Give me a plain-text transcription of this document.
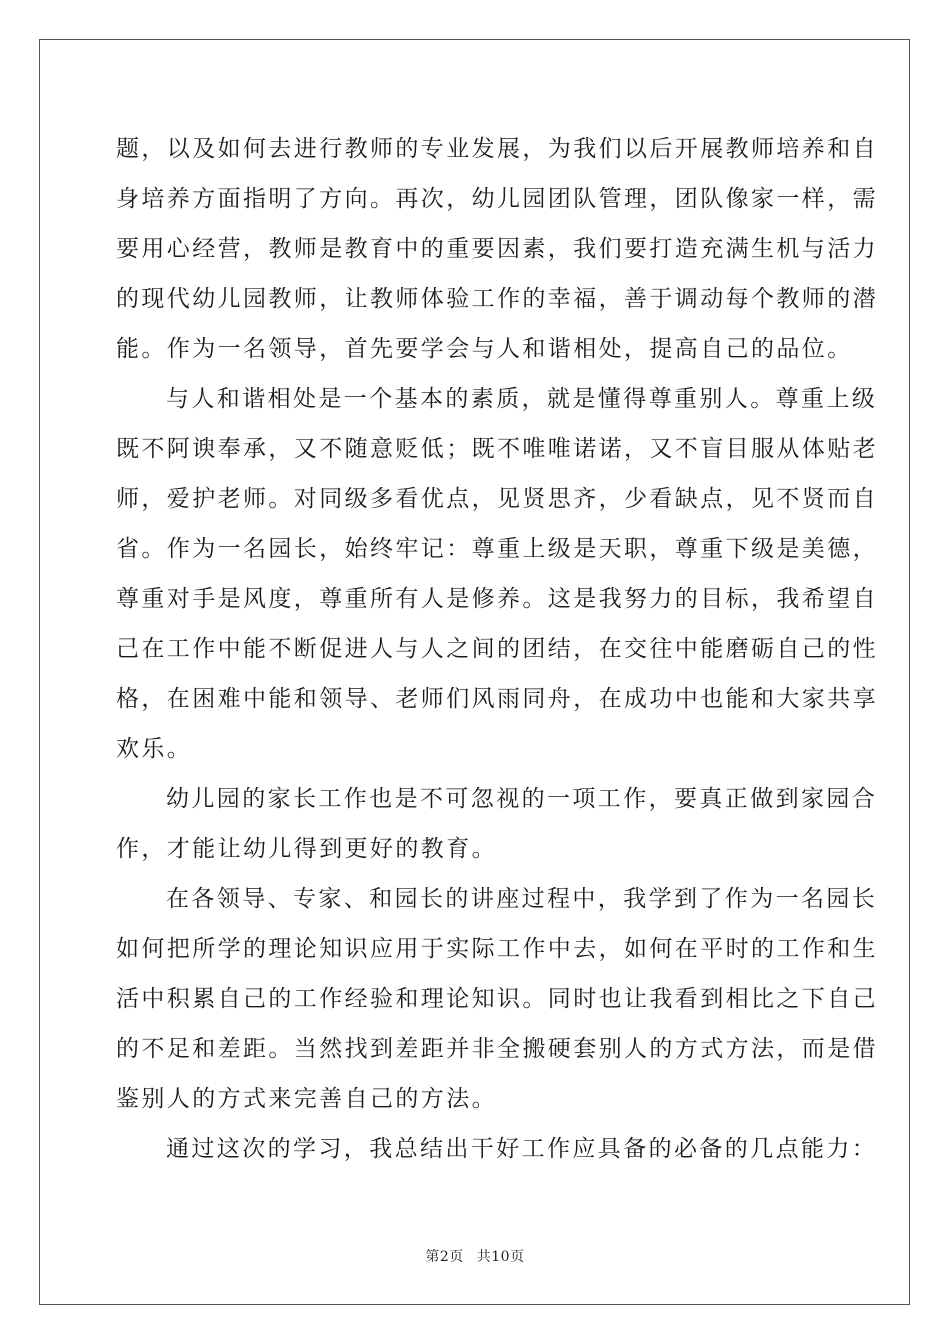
题，以及如何去进行教师的专业发展，为我们以后开展教师培养和自
身培养方面指明了方向。再次，幼儿园团队管理，团队像家一样，需
要用心经营，教师是教育中的重要因素，我们要打造充满生机与活力
的现代幼儿园教师，让教师体验工作的幸福，善于调动每个教师的潜
能。作为一名领导，首先要学会与人和谐相处，提高自己的品位。

与人和谐相处是一个基本的素质，就是懂得尊重别人。尊重上级
既不阿谀奉承，又不随意贬低；既不唯唯诺诺，又不盲目服从体贴老
师，爱护老师。对同级多看优点，见贤思齐，少看缺点，见不贤而自
省。作为一名园长，始终牢记：尊重上级是天职，尊重下级是美德，
尊重对手是风度，尊重所有人是修养。这是我努力的目标，我希望自
己在工作中能不断促进人与人之间的团结，在交往中能磨砺自己的性
格，在困难中能和领导、老师们风雨同舟，在成功中也能和大家共享
欢乐。

幼儿园的家长工作也是不可忽视的一项工作，要真正做到家园合
作，才能让幼儿得到更好的教育。

在各领导、专家、和园长的讲座过程中，我学到了作为一名园长
如何把所学的理论知识应用于实际工作中去，如何在平时的工作和生
活中积累自己的工作经验和理论知识。同时也让我看到相比之下自己
的不足和差距。当然找到差距并非全搬硬套别人的方式方法，而是借
鉴别人的方式来完善自己的方法。

通过这次的学习，我总结出干好工作应具备的必备的几点能力：

第2页 共10页
